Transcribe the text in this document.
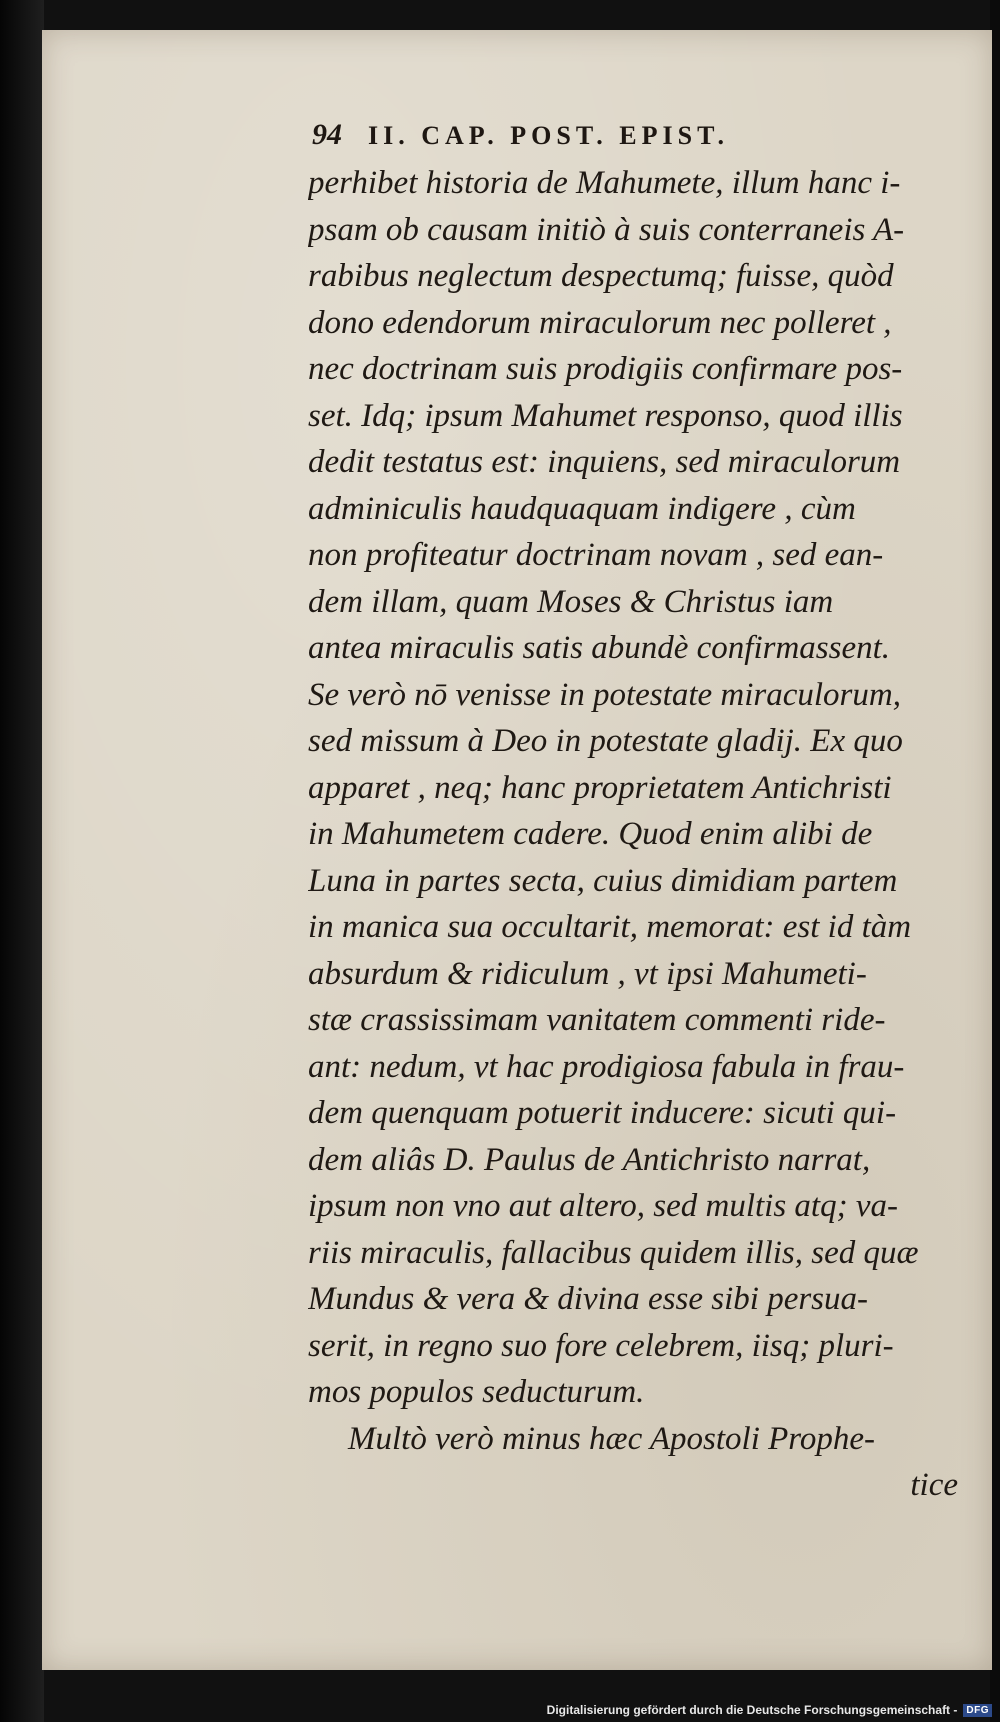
94 II. CAP. POST. EPIST.
perhibet historia de Mahumete, illum hanc i-
psam ob causam initiò à suis conterraneis A-
rabibus neglectum despectumq; fuisse, quòd
dono edendorum miraculorum nec polleret ,
nec doctrinam suis prodigiis confirmare pos-
set. Idq; ipsum Mahumet responso, quod illis
dedit testatus est: inquiens, sed miraculorum
adminiculis haudquaquam indigere , cùm
non profiteatur doctrinam novam , sed ean-
dem illam, quam Moses & Christus iam
antea miraculis satis abundè confirmassent.
Se verò nō venisse in potestate miraculorum,
sed missum à Deo in potestate gladij. Ex quo
apparet , neq; hanc proprietatem Antichristi
in Mahumetem cadere. Quod enim alibi de
Luna in partes secta, cuius dimidiam partem
in manica sua occultarit, memorat: est id tàm
absurdum & ridiculum , vt ipsi Mahumeti-
stæ crassissimam vanitatem commenti ride-
ant: nedum, vt hac prodigiosa fabula in frau-
dem quenquam potuerit inducere: sicuti qui-
dem aliâs D. Paulus de Antichristo narrat,
ipsum non vno aut altero, sed multis atq; va-
riis miraculis, fallacibus quidem illis, sed quæ
Mundus & vera & divina esse sibi persua-
serit, in regno suo fore celebrem, iisq; pluri-
mos populos seducturum.
Multò verò minus hæc Apostoli Prophe-
tice
Digitalisierung gefördert durch die Deutsche Forschungsgemeinschaft - DFG
